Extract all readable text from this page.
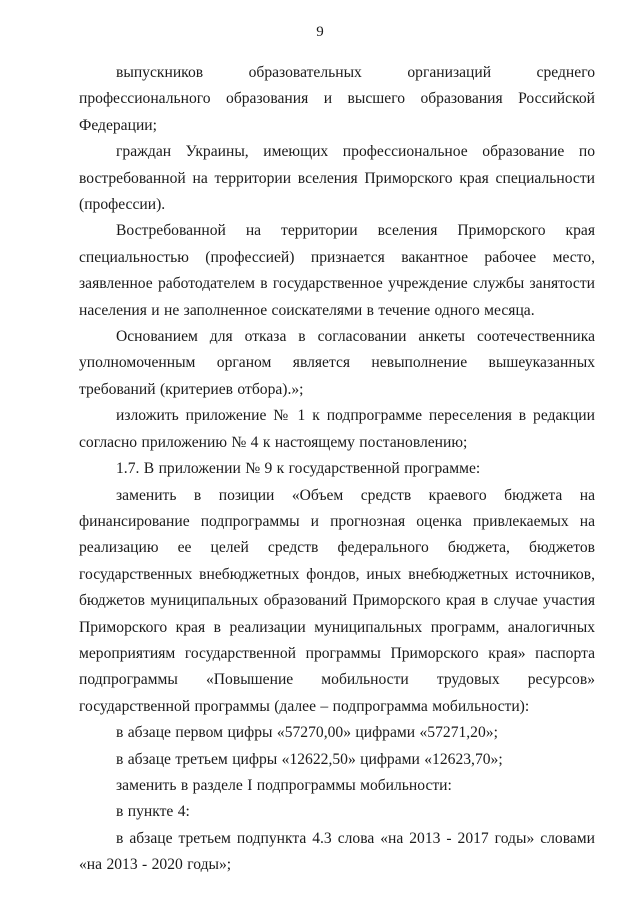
9

выпускников образовательных организаций среднего профессионального образования и высшего образования Российской Федерации;

граждан Украины, имеющих профессиональное образование по востребованной на территории вселения Приморского края специальности (профессии).

Востребованной на территории вселения Приморского края специальностью (профессией) признается вакантное рабочее место, заявленное работодателем в государственное учреждение службы занятости населения и не заполненное соискателями в течение одного месяца.

Основанием для отказа в согласовании анкеты соотечественника уполномоченным органом является невыполнение вышеуказанных требований (критериев отбора).»;

изложить приложение № 1 к подпрограмме переселения в редакции согласно приложению № 4 к настоящему постановлению;

1.7. В приложении № 9 к государственной программе:

заменить в позиции «Объем средств краевого бюджета на финансирование подпрограммы и прогнозная оценка привлекаемых на реализацию ее целей средств федерального бюджета, бюджетов государственных внебюджетных фондов, иных внебюджетных источников, бюджетов муниципальных образований Приморского края в случае участия Приморского края в реализации муниципальных программ, аналогичных мероприятиям государственной программы Приморского края» паспорта подпрограммы «Повышение мобильности трудовых ресурсов» государственной программы (далее – подпрограмма мобильности):

в абзаце первом цифры «57270,00» цифрами «57271,20»;

в абзаце третьем цифры «12622,50» цифрами «12623,70»;

заменить в разделе I подпрограммы мобильности:

в пункте 4:

в абзаце третьем подпункта 4.3 слова «на 2013 - 2017 годы» словами «на 2013 - 2020 годы»;
